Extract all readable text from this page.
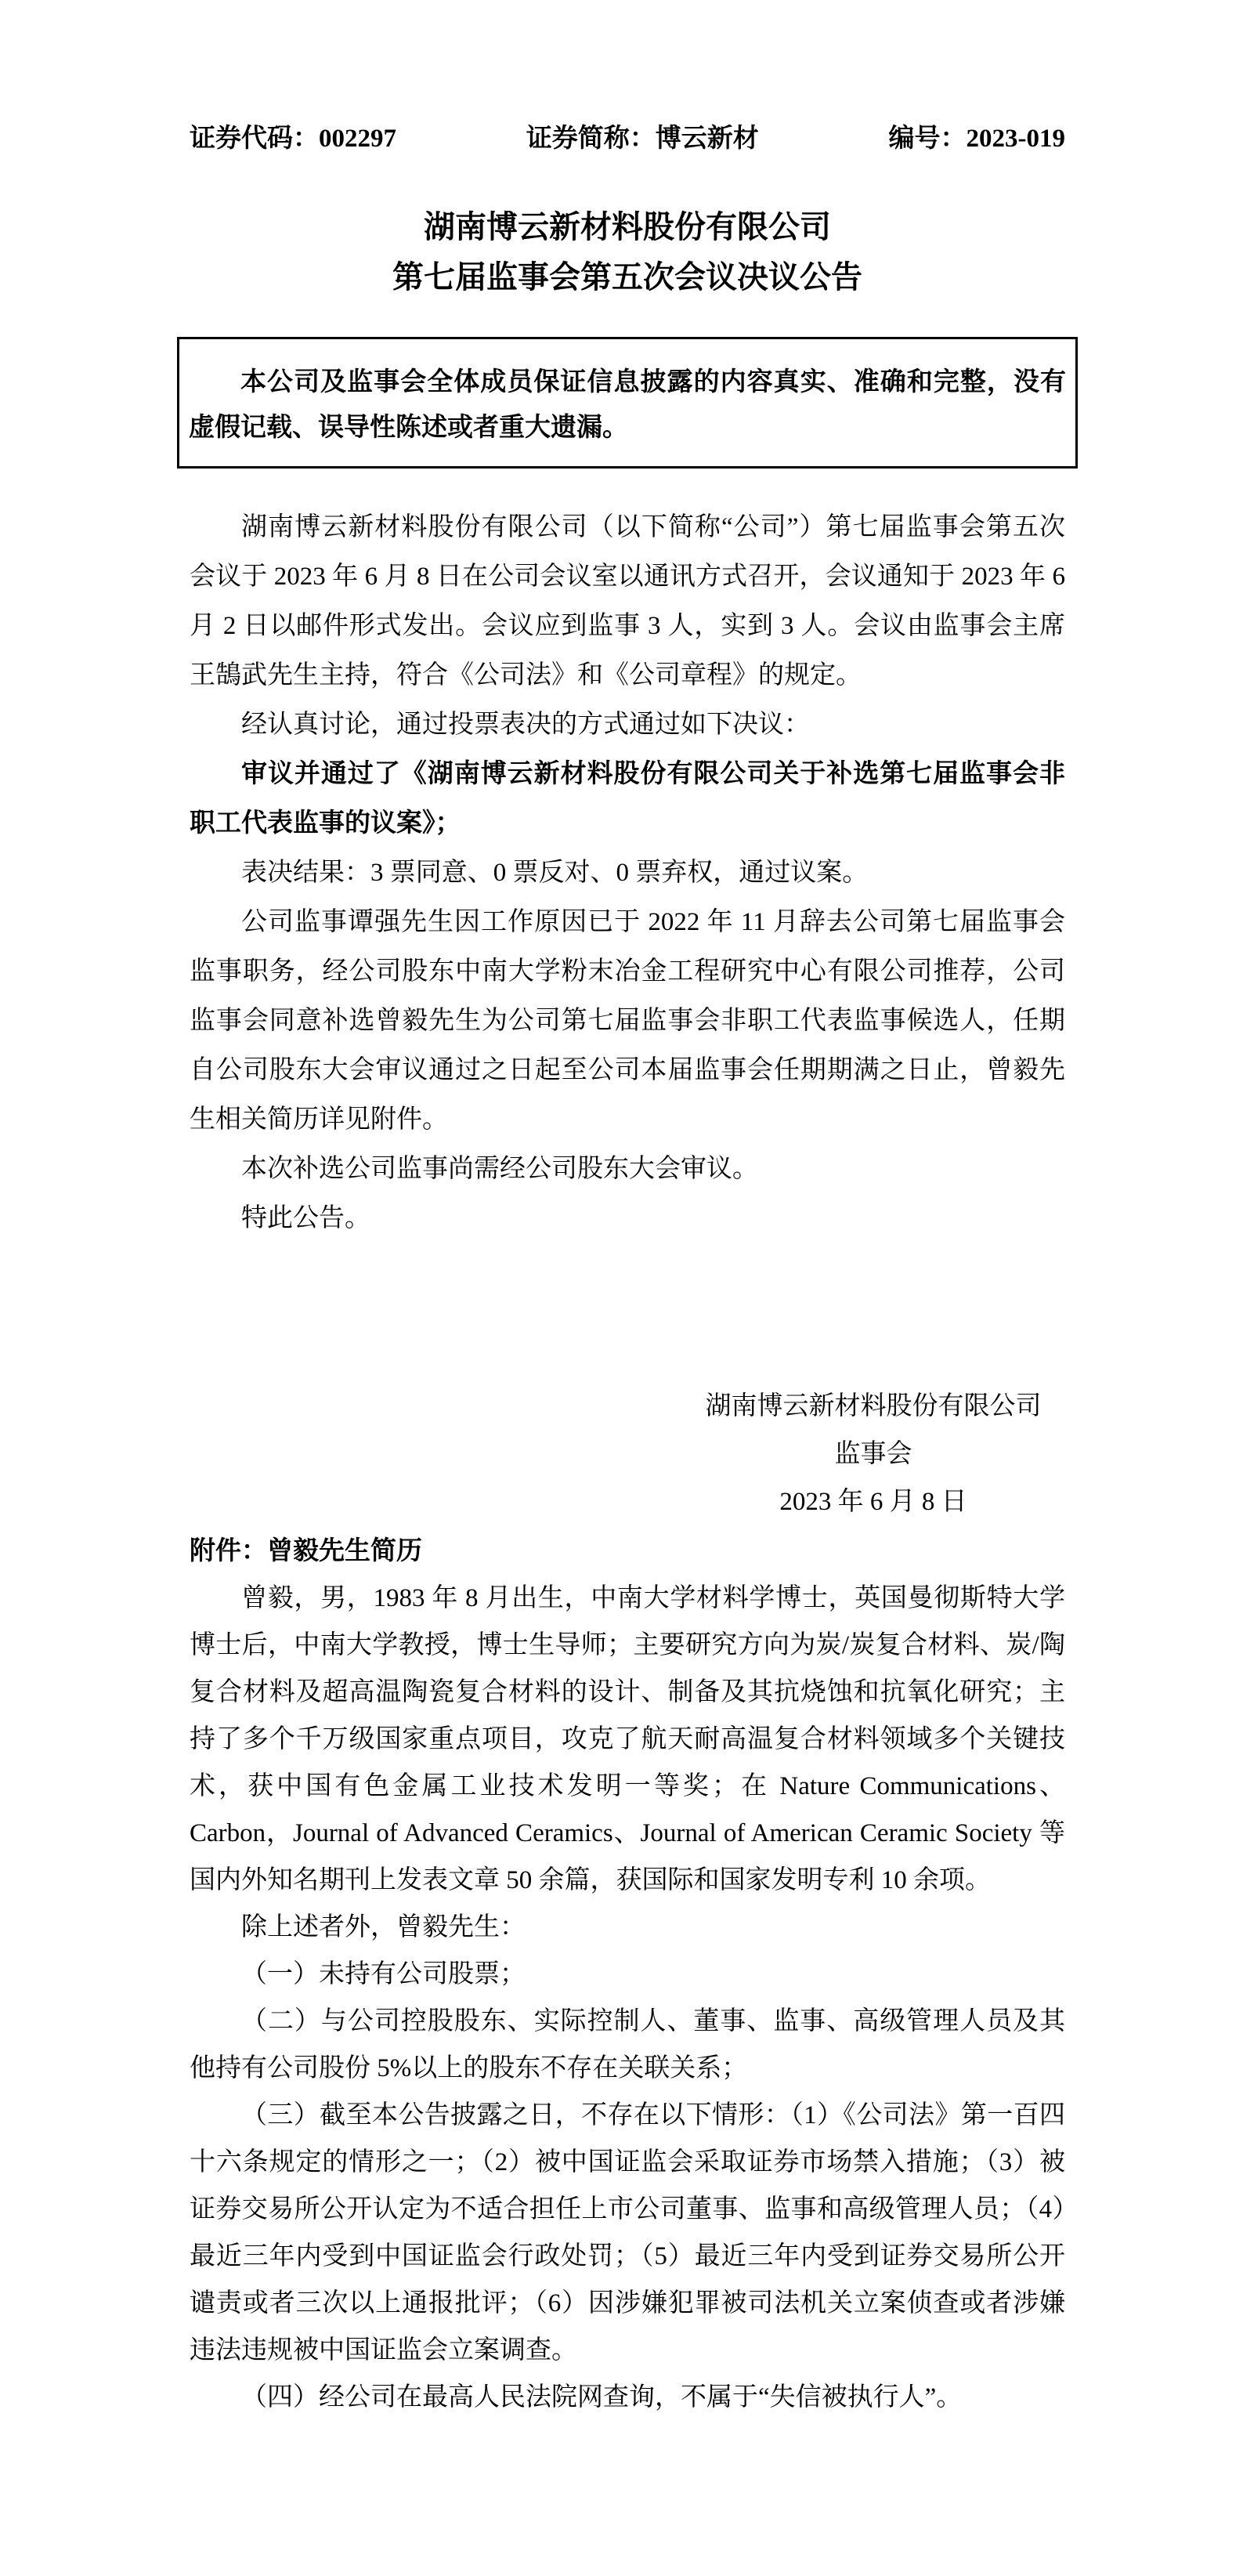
证券代码：002297	证券简称：博云新材	编号：2023-019
湖南博云新材料股份有限公司
第七届监事会第五次会议决议公告

本公司及监事会全体成员保证信息披露的内容真实、准确和完整，没有虚假记载、误导性陈述或者重大遗漏。

湖南博云新材料股份有限公司（以下简称“公司”）第七届监事会第五次会议于 2023 年 6 月 8 日在公司会议室以通讯方式召开，会议通知于 2023 年 6 月 2 日以邮件形式发出。会议应到监事 3 人，实到 3 人。会议由监事会主席王鵠武先生主持，符合《公司法》和《公司章程》的规定。

经认真讨论，通过投票表决的方式通过如下决议：

审议并通过了《湖南博云新材料股份有限公司关于补选第七届监事会非职工代表监事的议案》；

表决结果：3 票同意、0 票反对、0 票弃权，通过议案。

公司监事谭强先生因工作原因已于 2022 年 11 月辞去公司第七届监事会监事职务，经公司股东中南大学粉末冶金工程研究中心有限公司推荐，公司监事会同意补选曾毅先生为公司第七届监事会非职工代表监事候选人，任期自公司股东大会审议通过之日起至公司本届监事会任期期满之日止，曾毅先生相关简历详见附件。

本次补选公司监事尚需经公司股东大会审议。

特此公告。

湖南博云新材料股份有限公司
监事会
2023 年 6 月 8 日
附件：曾毅先生简历

曾毅，男，1983 年 8 月出生，中南大学材料学博士，英国曼彻斯特大学博士后，中南大学教授，博士生导师；主要研究方向为炭/炭复合材料、炭/陶复合材料及超高温陶瓷复合材料的设计、制备及其抗烧蚀和抗氧化研究；主持了多个千万级国家重点项目，攻克了航天耐高温复合材料领域多个关键技术，获中国有色金属工业技术发明一等奖；在 Nature Communications、Carbon，Journal of Advanced Ceramics、Journal of American Ceramic Society 等国内外知名期刊上发表文章 50 余篇，获国际和国家发明专利 10 余项。

除上述者外，曾毅先生：

（一）未持有公司股票；

（二）与公司控股股东、实际控制人、董事、监事、高级管理人员及其他持有公司股份 5%以上的股东不存在关联关系；

（三）截至本公告披露之日，不存在以下情形：（1）《公司法》第一百四十六条规定的情形之一；（2）被中国证监会采取证券市场禁入措施；（3）被证券交易所公开认定为不适合担任上市公司董事、监事和高级管理人员；（4）最近三年内受到中国证监会行政处罚；（5）最近三年内受到证券交易所公开谴责或者三次以上通报批评；（6）因涉嫌犯罪被司法机关立案侦查或者涉嫌违法违规被中国证监会立案调查。

（四）经公司在最高人民法院网查询，不属于“失信被执行人”。
